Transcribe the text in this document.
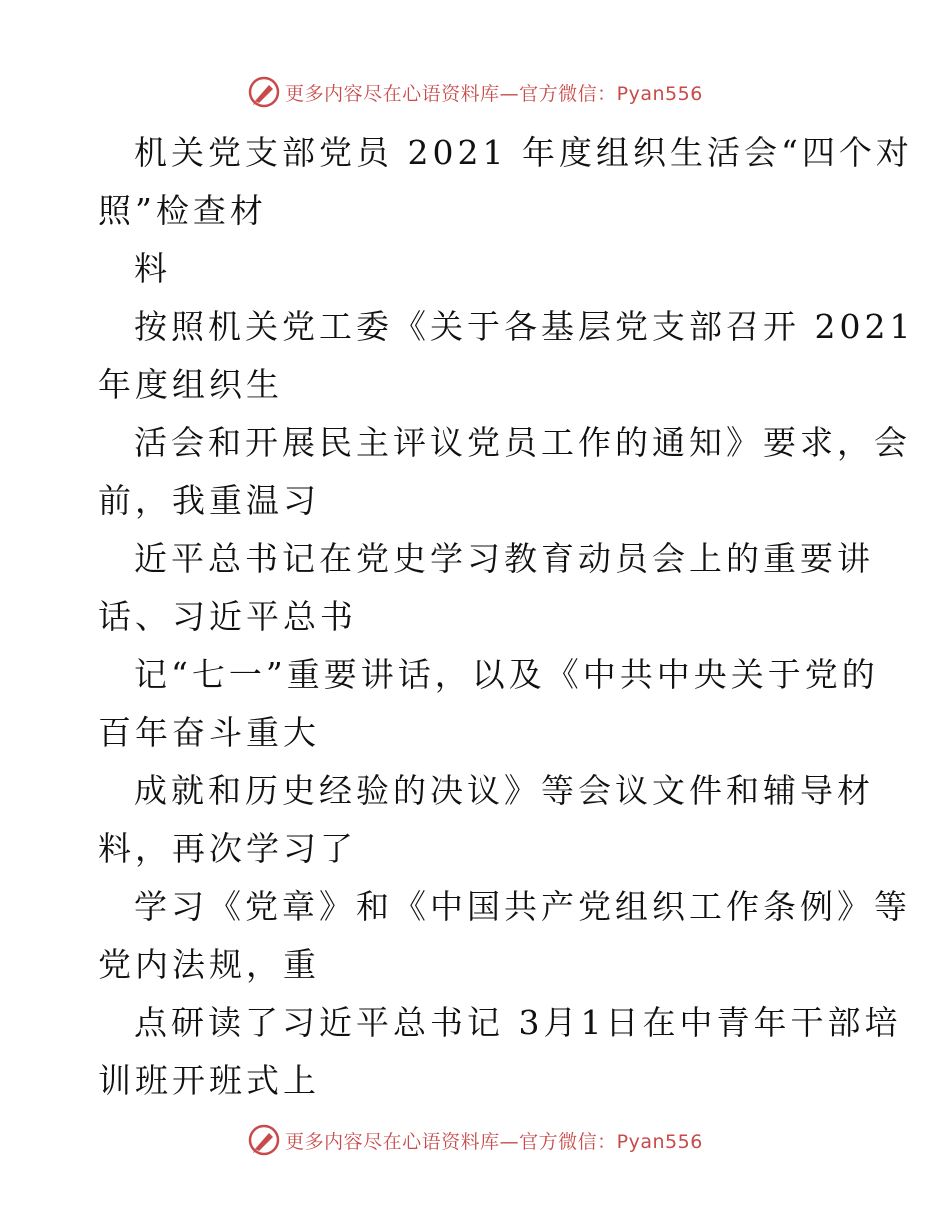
更多内容尽在心语资料库—官方微信：Pyan556
机关党支部党员 2021 年度组织生活会“四个对
照”检查材
料
按照机关党工委《关于各基层党支部召开 2021
年度组织生
活会和开展民主评议党员工作的通知》要求，会
前，我重温习
近平总书记在党史学习教育动员会上的重要讲
话、习近平总书
记“七一”重要讲话，以及《中共中央关于党的
百年奋斗重大
成就和历史经验的决议》等会议文件和辅导材
料，再次学习了
学习《党章》和《中国共产党组织工作条例》等
党内法规，重
点研读了习近平总书记 3月1日在中青年干部培
训班开班式上
更多内容尽在心语资料库—官方微信：Pyan556
